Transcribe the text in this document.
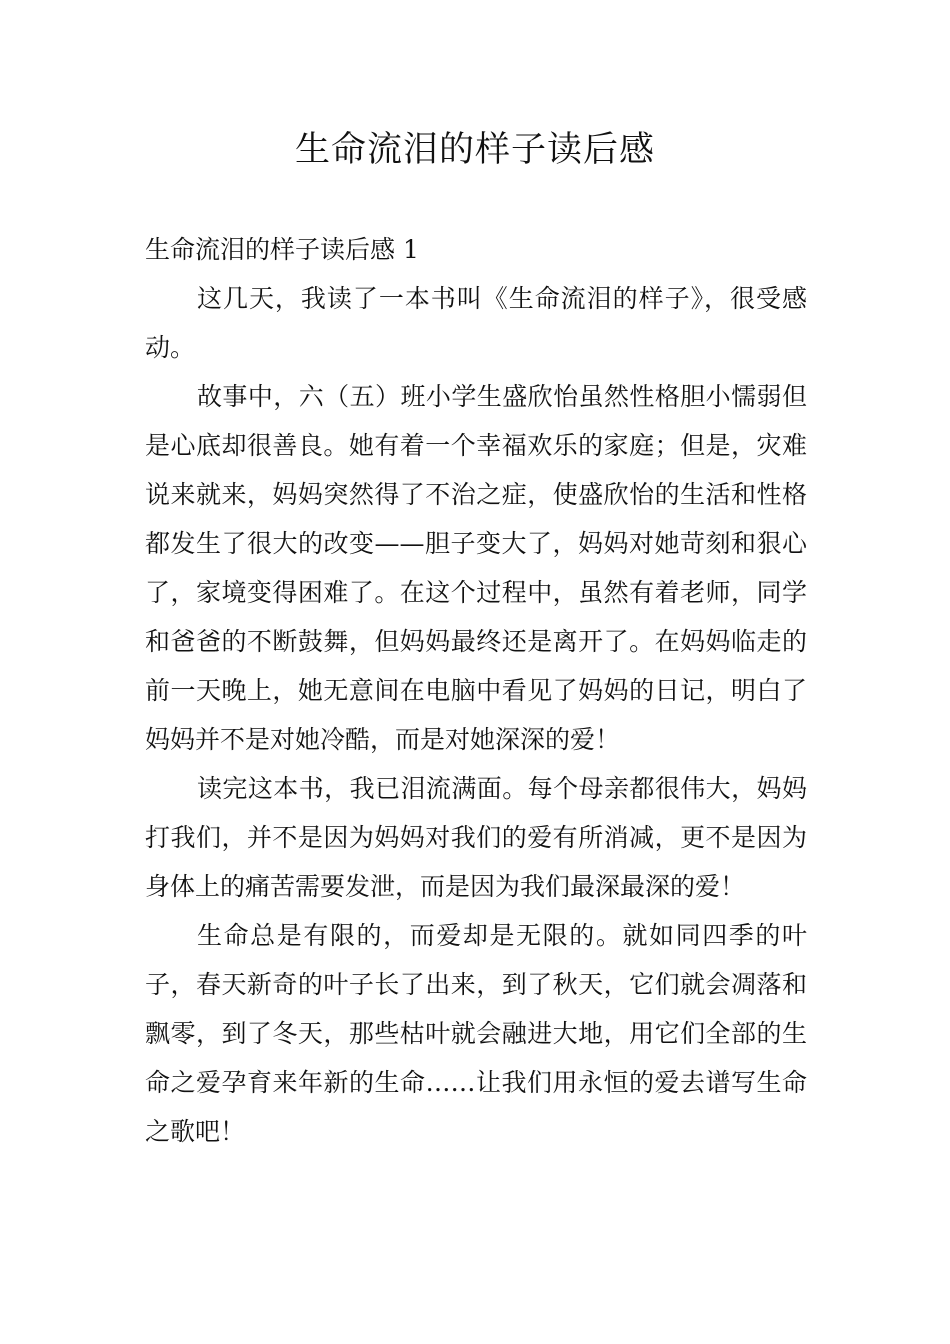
生命流泪的样子读后感
生命流泪的样子读后感 1

这几天，我读了一本书叫《生命流泪的样子》，很受感动。

故事中，六（五）班小学生盛欣怡虽然性格胆小懦弱但是心底却很善良。她有着一个幸福欢乐的家庭；但是，灾难说来就来，妈妈突然得了不治之症，使盛欣怡的生活和性格都发生了很大的改变——胆子变大了，妈妈对她苛刻和狠心了，家境变得困难了。在这个过程中，虽然有着老师，同学和爸爸的不断鼓舞，但妈妈最终还是离开了。在妈妈临走的前一天晚上，她无意间在电脑中看见了妈妈的日记，明白了妈妈并不是对她冷酷，而是对她深深的爱！

读完这本书，我已泪流满面。每个母亲都很伟大，妈妈打我们，并不是因为妈妈对我们的爱有所消减，更不是因为身体上的痛苦需要发泄，而是因为我们最深最深的爱！

生命总是有限的，而爱却是无限的。就如同四季的叶子，春天新奇的叶子长了出来，到了秋天，它们就会凋落和飘零，到了冬天，那些枯叶就会融进大地，用它们全部的生命之爱孕育来年新的生命……让我们用永恒的爱去谱写生命之歌吧！
